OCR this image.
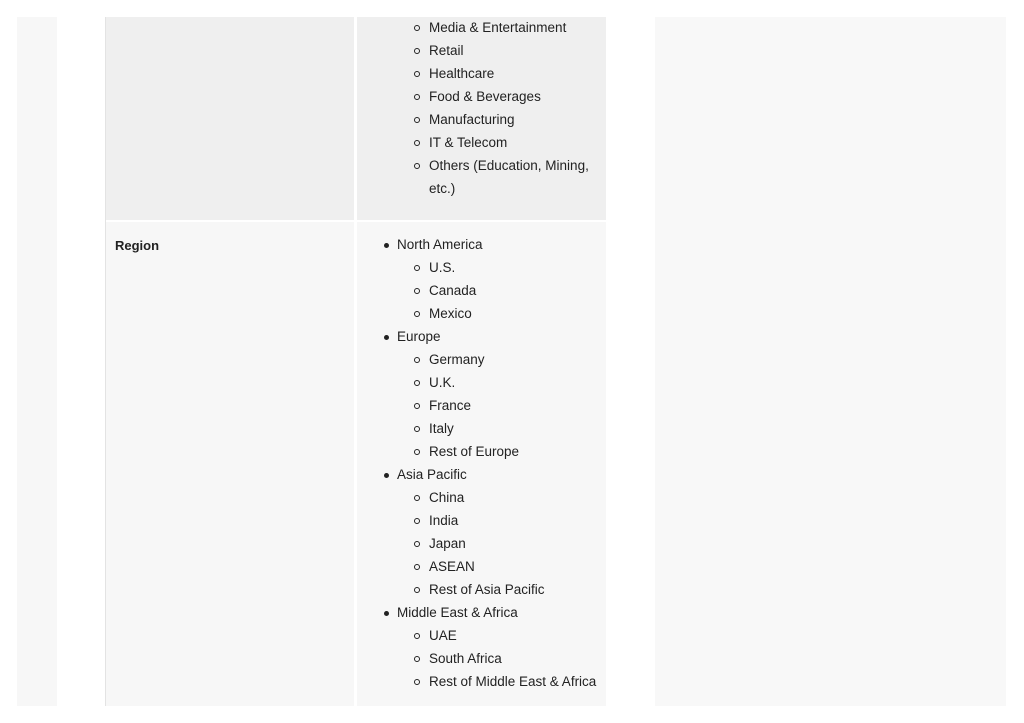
Media & Entertainment
Retail
Healthcare
Food & Beverages
Manufacturing
IT & Telecom
Others (Education, Mining, etc.)
Region	North America
U.S.
Canada
Mexico
Europe
Germany
U.K.
France
Italy
Rest of Europe
Asia Pacific
China
India
Japan
ASEAN
Rest of Asia Pacific
Middle East & Africa
UAE
South Africa
Rest of Middle East & Africa
